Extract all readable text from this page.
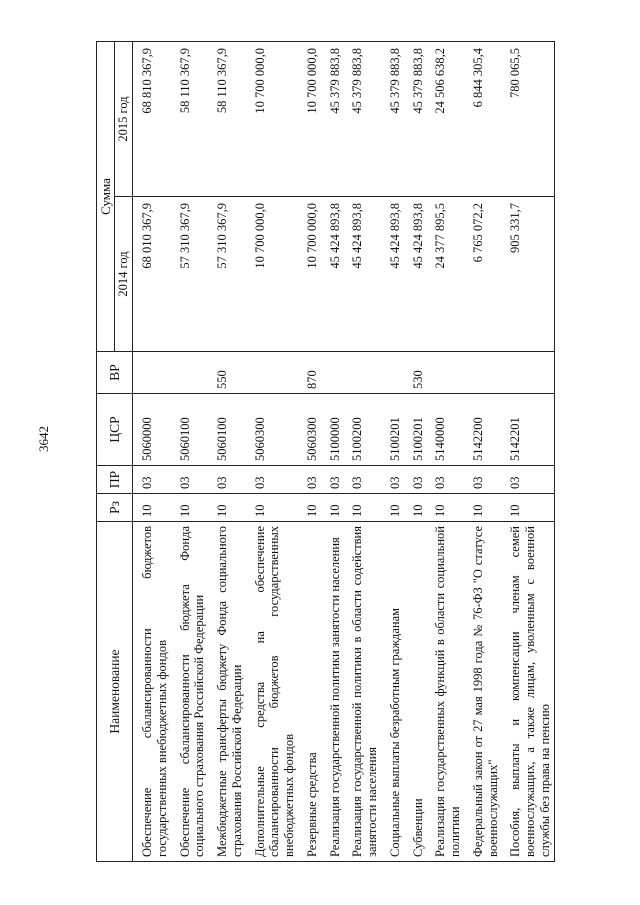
3642
Наименование	Рз	ПР	ЦСР	ВР	Сумма	
					2014 год	2015 год
Обеспечение сбалансированности бюджетов государственных внебюджетных фондов	10	03	5060000		68 010 367,9	68 810 367,9
Обеспечение сбалансированности бюджета Фонда социального страхования Российской Федерации	10	03	5060100		57 310 367,9	58 110 367,9
Межбюджетные трансферты бюджету Фонда социального страхования Российской Федерации	10	03	5060100	550	57 310 367,9	58 110 367,9
Дополнительные средства на обеспечение сбалансированности бюджетов государственных внебюджетных фондов	10	03	5060300		10 700 000,0	10 700 000,0
Резервные средства	10	03	5060300	870	10 700 000,0	10 700 000,0
Реализация государственной политики занятости населения	10	03	5100000		45 424 893,8	45 379 883,8
Реализация государственной политики в области содействия занятости населения	10	03	5100200		45 424 893,8	45 379 883,8
Социальные выплаты безработным гражданам	10	03	5100201		45 424 893,8	45 379 883,8
Субвенции	10	03	5100201	530	45 424 893,8	45 379 883,8
Реализация государственных функций в области социальной политики	10	03	5140000		24 377 895,5	24 506 638,2
Федеральный закон от 27 мая 1998 года № 76-ФЗ "О статусе военнослужащих"	10	03	5142200		6 765 072,2	6 844 305,4
Пособия, выплаты и компенсации членам семей военнослужащих, а также лицам, уволенным с военной службы без права на пенсию	10	03	5142201		905 331,7	780 065,5
